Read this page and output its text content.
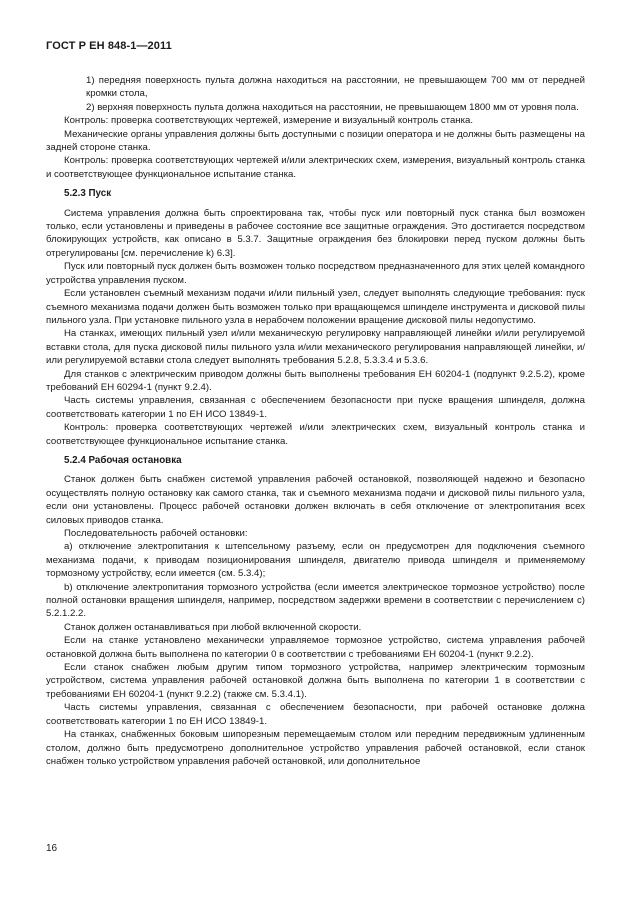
ГОСТ Р ЕН 848-1—2011

1) передняя поверхность пульта должна находиться на расстоянии, не превышающем 700 мм от передней кромки стола,

2) верхняя поверхность пульта должна находиться на расстоянии, не превышающем 1800 мм от уровня пола.

Контроль: проверка соответствующих чертежей, измерение и визуальный контроль станка.

Механические органы управления должны быть доступными с позиции оператора и не должны быть размещены на задней стороне станка.

Контроль: проверка соответствующих чертежей и/или электрических схем, измерения, визуальный контроль станка и соответствующее функциональное испытание станка.

5.2.3 Пуск

Система управления должна быть спроектирована так, чтобы пуск или повторный пуск станка был возможен только, если установлены и приведены в рабочее состояние все защитные ограждения. Это достигается посредством блокирующих устройств, как описано в 5.3.7. Защитные ограждения без блокировки перед пуском должны быть отрегулированы [см. перечисление k) 6.3].

Пуск или повторный пуск должен быть возможен только посредством предназначенного для этих целей командного устройства управления пуском.

Если установлен съемный механизм подачи и/или пильный узел, следует выполнять следующие требования: пуск съемного механизма подачи должен быть возможен только при вращающемся шпинделе инструмента и дисковой пилы пильного узла. При установке пильного узла в нерабочем положении вращение дисковой пилы недопустимо.

На станках, имеющих пильный узел и/или механическую регулировку направляющей линейки и/или регулируемой вставки стола, для пуска дисковой пилы пильного узла и/или механического регулирования направляющей линейки, и/или регулируемой вставки стола следует выполнять требования 5.2.8, 5.3.3.4 и 5.3.6.

Для станков с электрическим приводом должны быть выполнены требования ЕН 60204-1 (подпункт 9.2.5.2), кроме требований ЕН 60294-1 (пункт 9.2.4).

Часть системы управления, связанная с обеспечением безопасности при пуске вращения шпинделя, должна соответствовать категории 1 по ЕН ИСО 13849-1.

Контроль: проверка соответствующих чертежей и/или электрических схем, визуальный контроль станка и соответствующее функциональное испытание станка.

5.2.4 Рабочая остановка

Станок должен быть снабжен системой управления рабочей остановкой, позволяющей надежно и безопасно осуществлять полную остановку как самого станка, так и съемного механизма подачи и дисковой пилы пильного узла, если они установлены. Процесс рабочей остановки должен включать в себя отключение от электропитания всех силовых приводов станка.

Последовательность рабочей остановки:

a) отключение электропитания к штепсельному разъему, если он предусмотрен для подключения съемного механизма подачи, к приводам позиционирования шпинделя, двигателю привода шпинделя и применяемому тормозному устройству, если имеется (см. 5.3.4);

b) отключение электропитания тормозного устройства (если имеется электрическое тормозное устройство) после полной остановки вращения шпинделя, например, посредством задержки времени в соответствии с перечислением c) 5.2.1.2.2.

Станок должен останавливаться при любой включенной скорости.

Если на станке установлено механически управляемое тормозное устройство, система управления рабочей остановкой должна быть выполнена по категории 0 в соответствии с требованиями ЕН 60204-1 (пункт 9.2.2).

Если станок снабжен любым другим типом тормозного устройства, например электрическим тормозным устройством, система управления рабочей остановкой должна быть выполнена по категории 1 в соответствии с требованиями ЕН 60204-1 (пункт 9.2.2) (также см. 5.3.4.1).

Часть системы управления, связанная с обеспечением безопасности, при рабочей остановке должна соответствовать категории 1 по ЕН ИСО 13849-1.

На станках, снабженных боковым шипорезным перемещаемым столом или передним передвижным удлиненным столом, должно быть предусмотрено дополнительное устройство управления рабочей остановкой, если станок снабжен только устройством управления рабочей остановкой, или дополнительное

16
